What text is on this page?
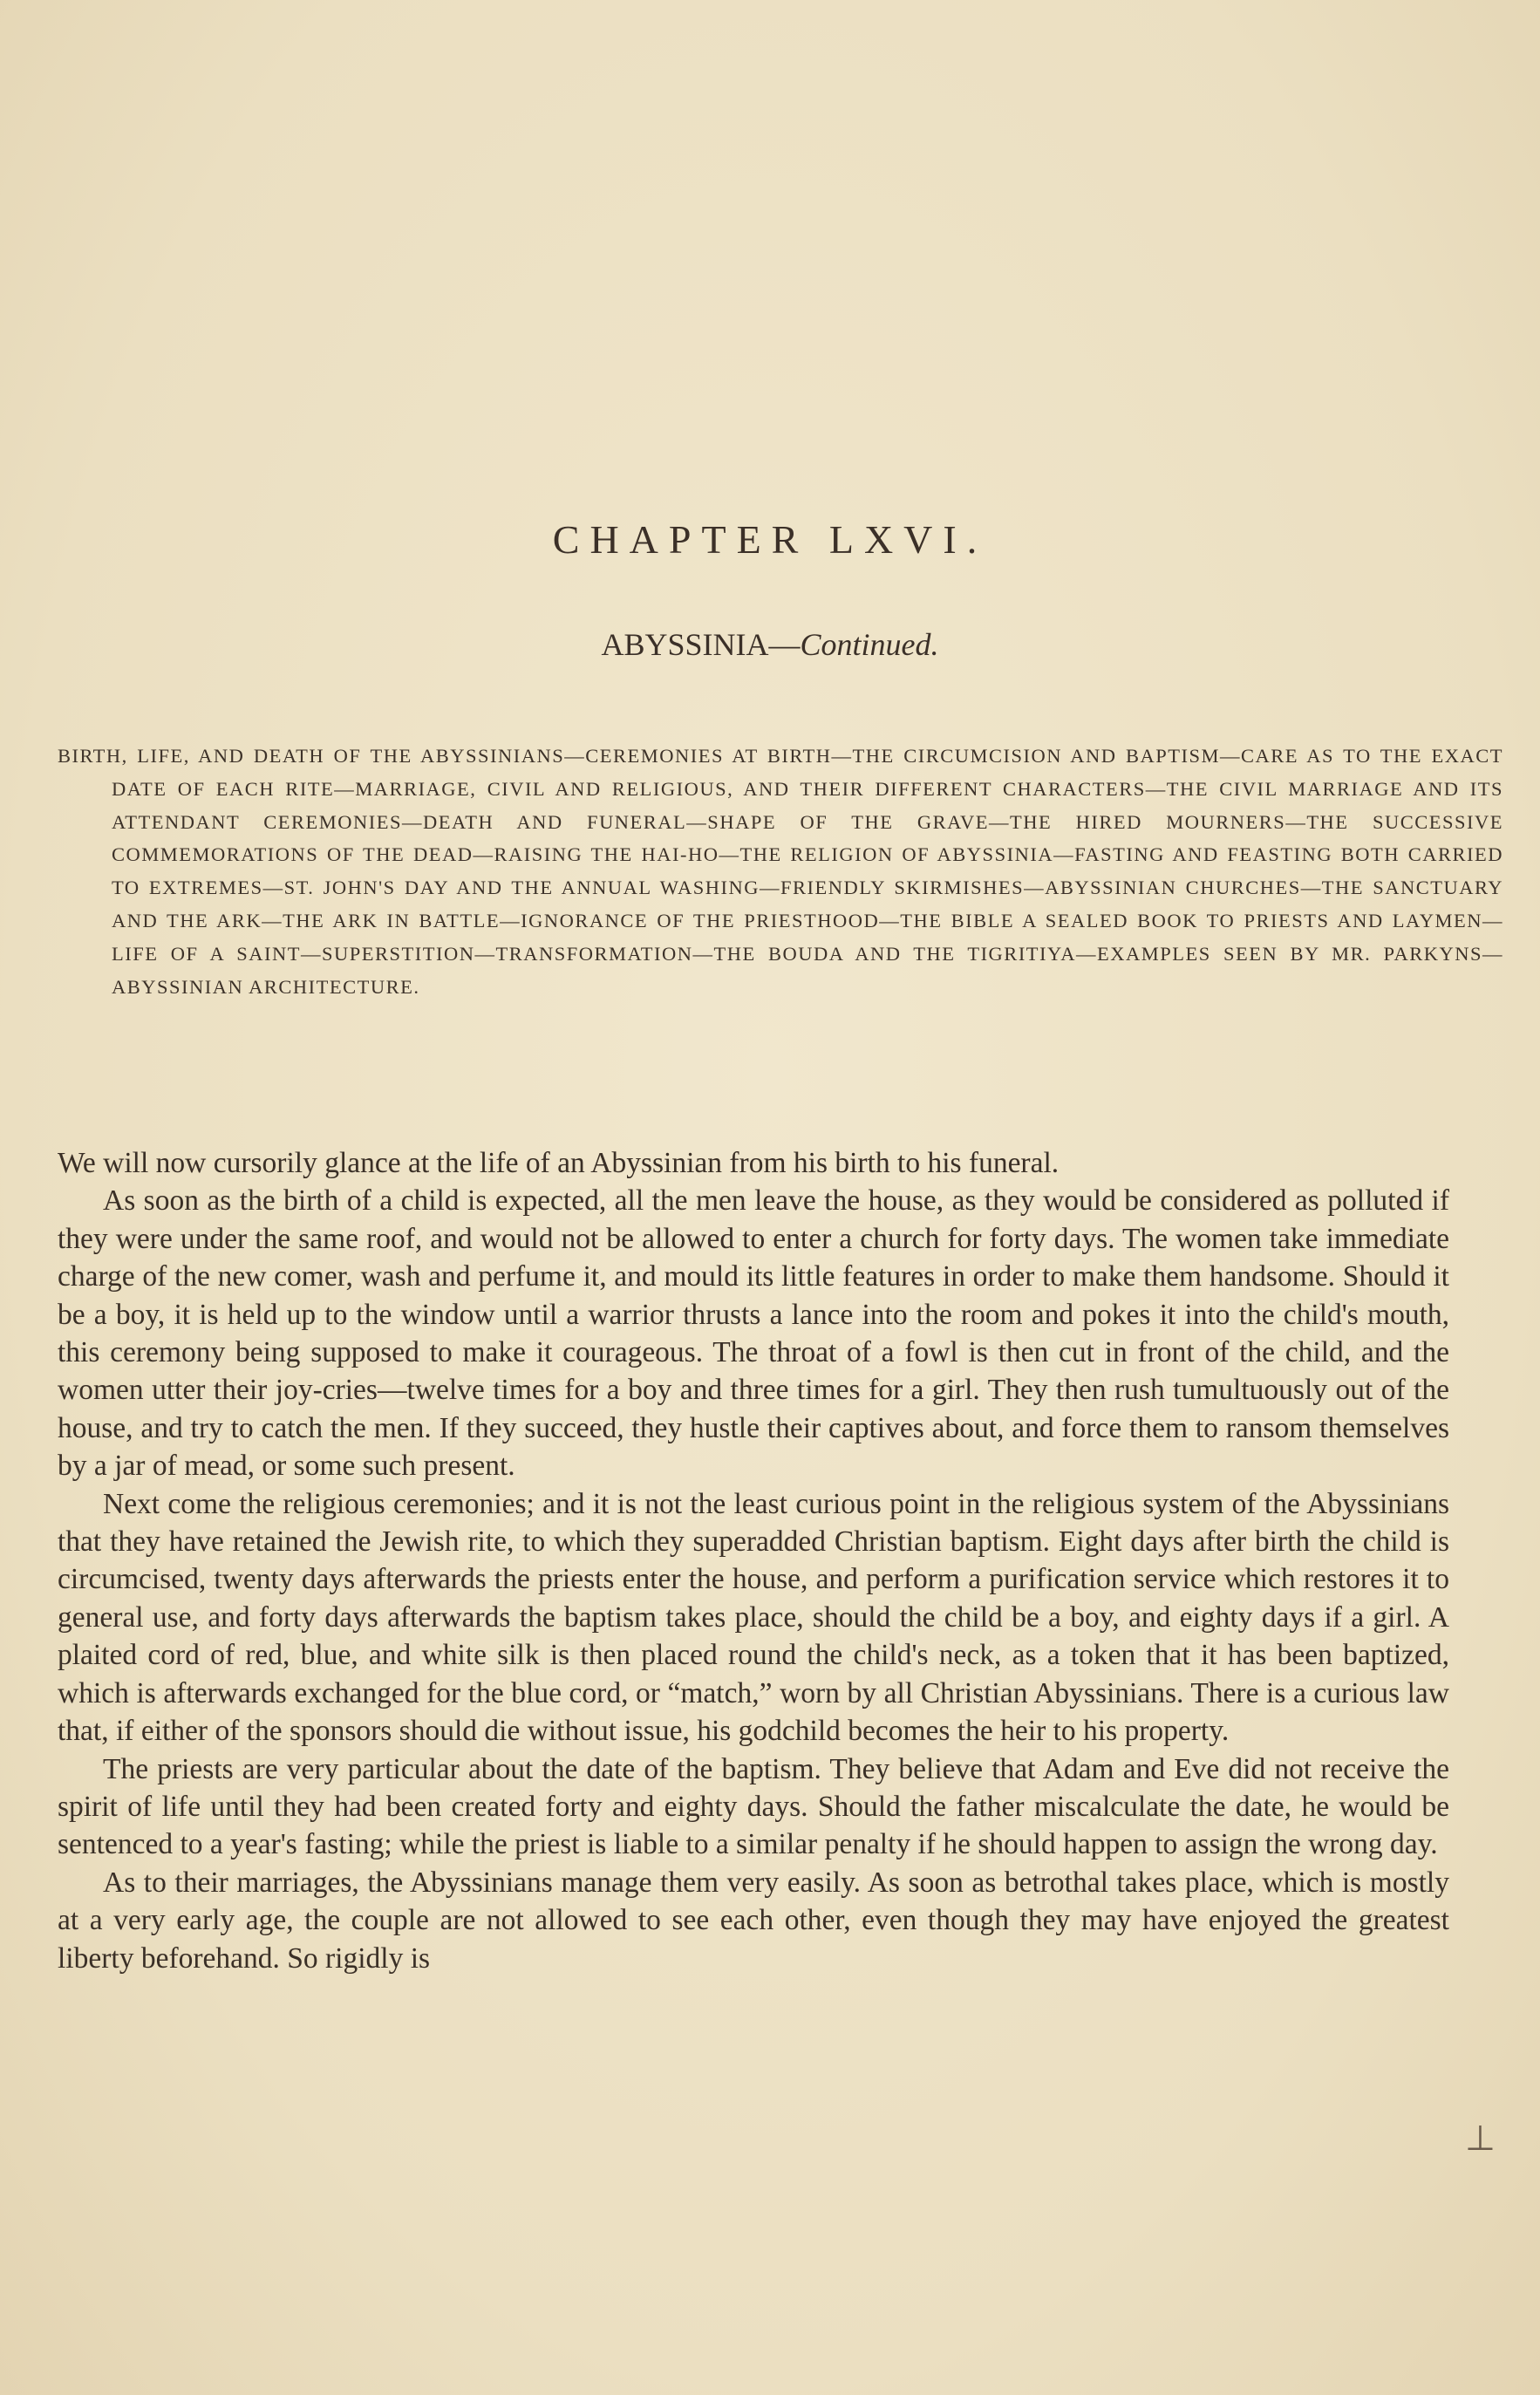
CHAPTER LXVI.
ABYSSINIA—Continued.

BIRTH, LIFE, AND DEATH OF THE ABYSSINIANS—CEREMONIES AT BIRTH—THE CIRCUMCISION AND BAPTISM—CARE AS TO THE EXACT DATE OF EACH RITE—MARRIAGE, CIVIL AND RELIGIOUS, AND THEIR DIFFERENT CHARACTERS—THE CIVIL MARRIAGE AND ITS ATTENDANT CEREMONIES—DEATH AND FUNERAL—SHAPE OF THE GRAVE—THE HIRED MOURNERS—THE SUCCESSIVE COMMEMORATIONS OF THE DEAD—RAISING THE HAI-HO—THE RELIGION OF ABYSSINIA—FASTING AND FEASTING BOTH CARRIED TO EXTREMES—ST. JOHN'S DAY AND THE ANNUAL WASHING—FRIENDLY SKIRMISHES—ABYSSINIAN CHURCHES—THE SANCTUARY AND THE ARK—THE ARK IN BATTLE—IGNORANCE OF THE PRIESTHOOD—THE BIBLE A SEALED BOOK TO PRIESTS AND LAYMEN—LIFE OF A SAINT—SUPERSTITION—TRANSFORMATION—THE BOUDA AND THE TIGRITIYA—EXAMPLES SEEN BY MR. PARKYNS—ABYSSINIAN ARCHITECTURE.

We will now cursorily glance at the life of an Abyssinian from his birth to his funeral.

As soon as the birth of a child is expected, all the men leave the house, as they would be considered as polluted if they were under the same roof, and would not be allowed to enter a church for forty days. The women take immediate charge of the new comer, wash and perfume it, and mould its little features in order to make them handsome. Should it be a boy, it is held up to the window until a warrior thrusts a lance into the room and pokes it into the child's mouth, this ceremony being supposed to make it courageous. The throat of a fowl is then cut in front of the child, and the women utter their joy-cries—twelve times for a boy and three times for a girl. They then rush tumultuously out of the house, and try to catch the men. If they succeed, they hustle their captives about, and force them to ransom themselves by a jar of mead, or some such present.

Next come the religious ceremonies; and it is not the least curious point in the religious system of the Abyssinians that they have retained the Jewish rite, to which they superadded Christian baptism. Eight days after birth the child is circumcised, twenty days afterwards the priests enter the house, and perform a purification service which restores it to general use, and forty days afterwards the baptism takes place, should the child be a boy, and eighty days if a girl. A plaited cord of red, blue, and white silk is then placed round the child's neck, as a token that it has been baptized, which is afterwards exchanged for the blue cord, or “match,” worn by all Christian Abyssinians. There is a curious law that, if either of the sponsors should die without issue, his godchild becomes the heir to his property.

The priests are very particular about the date of the baptism. They believe that Adam and Eve did not receive the spirit of life until they had been created forty and eighty days. Should the father miscalculate the date, he would be sentenced to a year's fasting; while the priest is liable to a similar penalty if he should happen to assign the wrong day.

As to their marriages, the Abyssinians manage them very easily. As soon as betrothal takes place, which is mostly at a very early age, the couple are not allowed to see each other, even though they may have enjoyed the greatest liberty beforehand. So rigidly is

⊥
